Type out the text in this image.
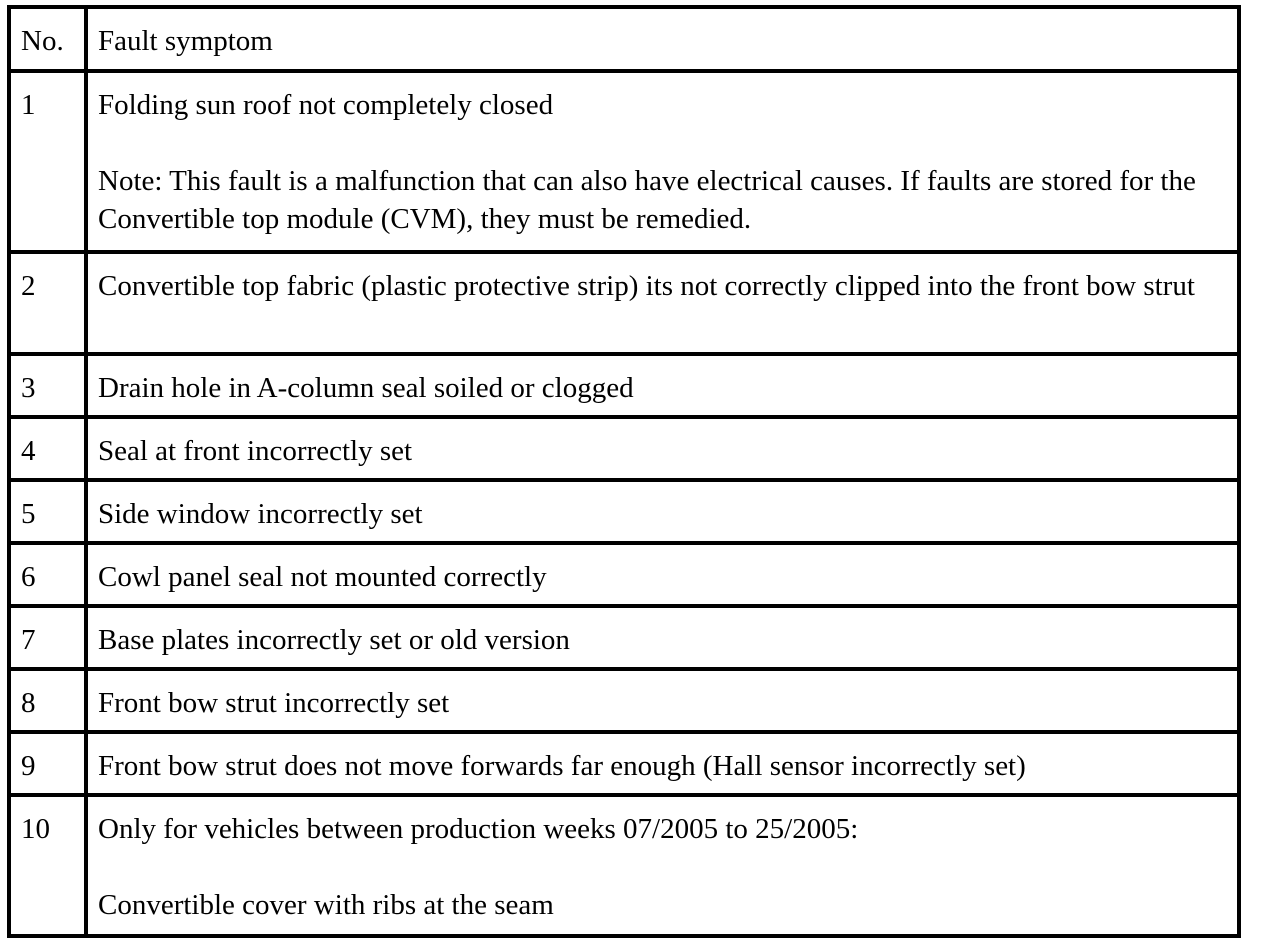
No.	Fault symptom
1	Folding sun roof not completely closed
Note: This fault is a malfunction that can also have electrical causes. If faults are stored for the Convertible top module (CVM), they must be remedied.

2	Convertible top fabric (plastic protective strip) its not correctly clipped into the front bow strut

3	Drain hole in A-column seal soiled or clogged

4	Seal at front incorrectly set

5	Side window incorrectly set

6	Cowl panel seal not mounted correctly

7	Base plates incorrectly set or old version

8	Front bow strut incorrectly set

9	Front bow strut does not move forwards far enough (Hall sensor incorrectly set)

10	Only for vehicles between production weeks 07/2005 to 25/2005:
Convertible cover with ribs at the seam
